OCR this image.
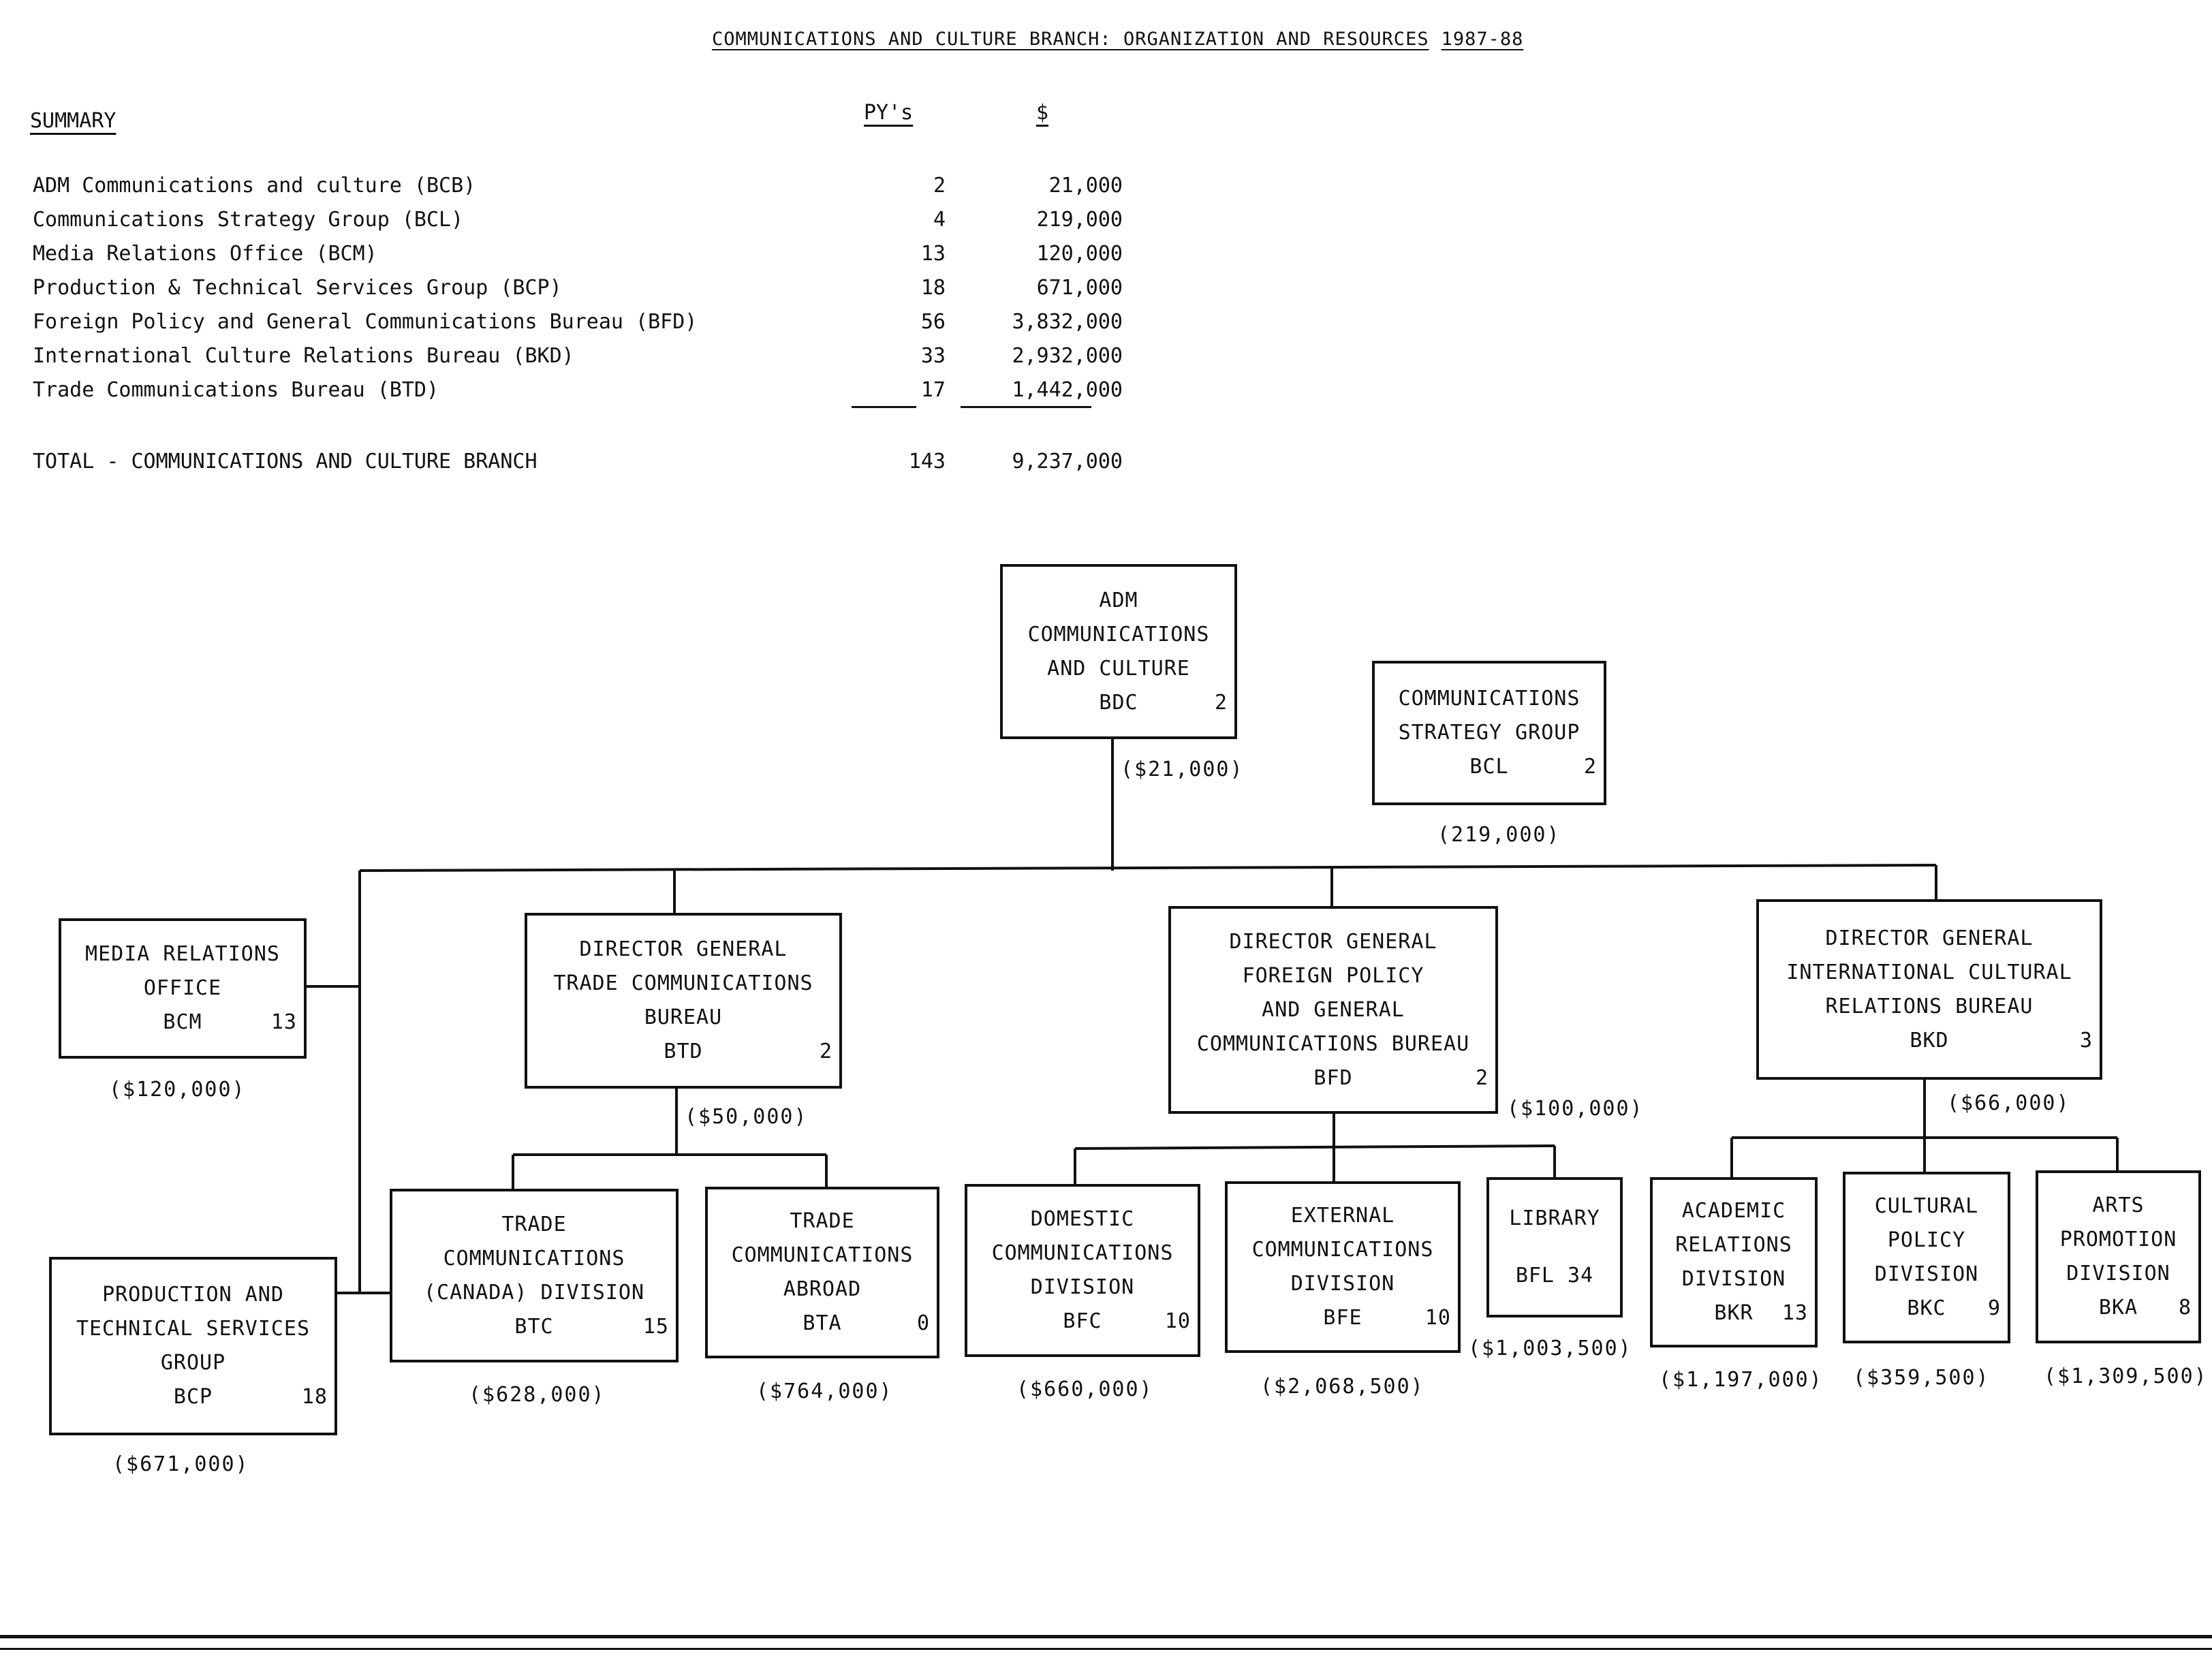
COMMUNICATIONS AND CULTURE BRANCH: ORGANIZATION AND RESOURCES 1987-88
SUMMARY	PY's	$
ADM Communications and culture (BCB)	2	21,000
Communications Strategy Group (BCL)	4	219,000
Media Relations Office (BCM)	13	120,000
Production & Technical Services Group (BCP)	18	671,000
Foreign Policy and General Communications Bureau (BFD)	56	3,832,000
International Culture Relations Bureau (BKD)	33	2,932,000
Trade Communications Bureau (BTD)	17	1,442,000
TOTAL - COMMUNICATIONS AND CULTURE BRANCH	143	9,237,000
ADM
COMMUNICATIONS
AND CULTURE
BDC	2	COMMUNICATIONS
STRATEGY GROUP
BCL	2
MEDIA RELATIONS
OFFICE
BCM	13
PRODUCTION AND
TECHNICAL SERVICES
GROUP
BCP	18
DIRECTOR GENERAL
TRADE COMMUNICATIONS
BUREAU
BTD	2
DIRECTOR GENERAL
FOREIGN POLICY
AND GENERAL
COMMUNICATIONS BUREAU
BFD	2
DIRECTOR GENERAL
INTERNATIONAL CULTURAL
RELATIONS BUREAU
BKD	3
TRADE
COMMUNICATIONS
(CANADA) DIVISION
BTC	15
TRADE
COMMUNICATIONS
ABROAD
BTA	0
DOMESTIC
COMMUNICATIONS
DIVISION
BFC	10
EXTERNAL
COMMUNICATIONS
DIVISION
BFE	10
LIBRARY
BFL 34
ACADEMIC
RELATIONS
DIVISION
BKR	13
CULTURAL
POLICY
DIVISION
BKC	9
ARTS
PROMOTION
DIVISION
BKA	8
($21,000)
(219,000)
($120,000)
($671,000)
($50,000)	($100,000)	($66,000)
($628,000)	($764,000)	($660,000)	($2,068,500)
($1,003,500)
($1,197,000) ($359,500)	($1,309,500)
